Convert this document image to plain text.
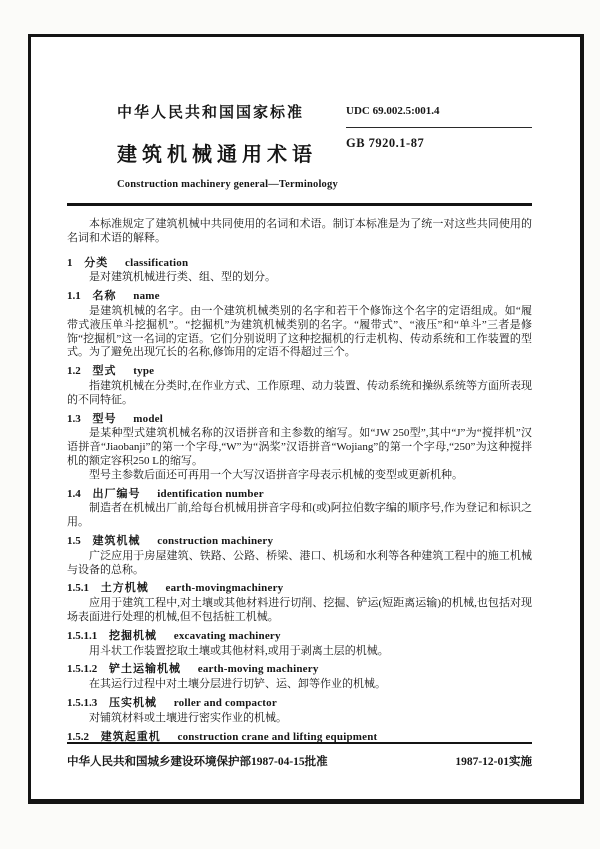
中华人民共和国国家标准
建筑机械通用术语
Construction machinery general—Terminology
UDC 69.002.5:001.4
GB 7920.1-87

本标准规定了建筑机械中共同使用的名词和术语。制订本标准是为了统一对这些共同使用的名词和术语的解释。

1 分类 classification

是对建筑机械进行类、组、型的划分。

1.1 名称 name

是建筑机械的名字。由一个建筑机械类别的名字和若干个修饰这个名字的定语组成。如“履带式液压单斗挖掘机”。“挖掘机”为建筑机械类别的名字。“履带式”、“液压”和“单斗”三者是修饰“挖掘机”这一名词的定语。它们分别说明了这种挖掘机的行走机构、传动系统和工作装置的型式。为了避免出现冗长的名称,修饰用的定语不得超过三个。

1.2 型式 type

指建筑机械在分类时,在作业方式、工作原理、动力装置、传动系统和操纵系统等方面所表现的不同特征。

1.3 型号 model

是某种型式建筑机械名称的汉语拼音和主参数的缩写。如“JW 250型”,其中“J”为“搅拌机”汉语拼音“Jiaobanji”的第一个字母,“W”为“涡桨”汉语拼音“Wojiang”的第一个字母,“250”为这种搅拌机的额定容积250 L的缩写。

型号主参数后面还可再用一个大写汉语拼音字母表示机械的变型或更新机种。

1.4 出厂编号 identification number

制造者在机械出厂前,给每台机械用拼音字母和(或)阿拉伯数字编的顺序号,作为登记和标识之用。

1.5 建筑机械 construction machinery

广泛应用于房屋建筑、铁路、公路、桥梁、港口、机场和水利等各种建筑工程中的施工机械与设备的总称。

1.5.1 土方机械 earth-movingmachinery

应用于建筑工程中,对土壤或其他材料进行切削、挖掘、铲运(短距离运输)的机械,也包括对现场表面进行处理的机械,但不包括桩工机械。

1.5.1.1 挖掘机械 excavating machinery

用斗状工作装置挖取土壤或其他材料,或用于剥离土层的机械。

1.5.1.2 铲土运输机械 earth-moving machinery

在其运行过程中对土壤分层进行切铲、运、卸等作业的机械。

1.5.1.3 压实机械 roller and compactor

对铺筑材料或土壤进行密实作业的机械。

1.5.2 建筑起重机 construction crane and lifting equipment
中华人民共和国城乡建设环境保护部1987-04-15批准	1987-12-01实施
